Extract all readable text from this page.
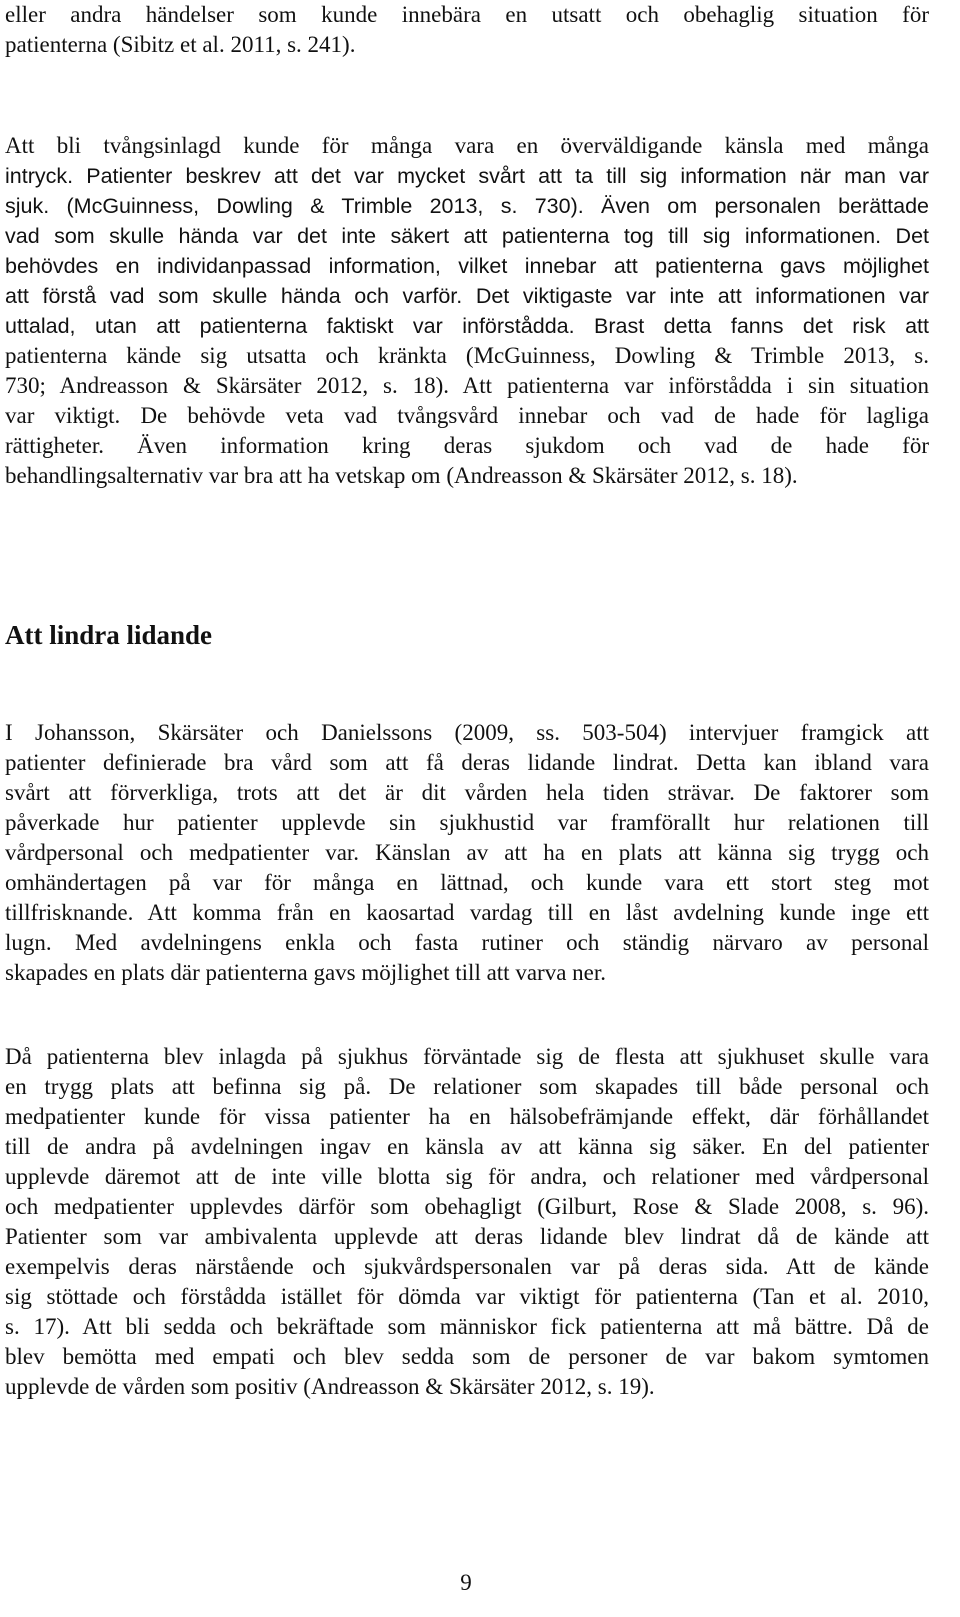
eller andra händelser som kunde innebära en utsatt och obehaglig situation för
patienterna (Sibitz et al. 2011, s. 241).
Att bli tvångsinlagd kunde för många vara en överväldigande känsla med många
intryck. Patienter beskrev att det var mycket svårt att ta till sig information när man var
sjuk. (McGuinness, Dowling & Trimble 2013, s. 730). Även om personalen berättade
vad som skulle hända var det inte säkert att patienterna tog till sig informationen. Det
behövdes en individanpassad information, vilket innebar att patienterna gavs möjlighet
att förstå vad som skulle hända och varför. Det viktigaste var inte att informationen var
uttalad, utan att patienterna faktiskt var införstådda. Brast detta fanns det risk att
patienterna kände sig utsatta och kränkta (McGuinness, Dowling & Trimble 2013, s.
730; Andreasson & Skärsäter 2012, s. 18). Att patienterna var införstådda i sin situation
var viktigt. De behövde veta vad tvångsvård innebar och vad de hade för lagliga
rättigheter. Även information kring deras sjukdom och vad de hade för
behandlingsalternativ var bra att ha vetskap om (Andreasson & Skärsäter 2012, s. 18).
Att lindra lidande
I Johansson, Skärsäter och Danielssons (2009, ss. 503-504) intervjuer framgick att
patienter definierade bra vård som att få deras lidande lindrat. Detta kan ibland vara
svårt att förverkliga, trots att det är dit vården hela tiden strävar. De faktorer som
påverkade hur patienter upplevde sin sjukhustid var framförallt hur relationen till
vårdpersonal och medpatienter var. Känslan av att ha en plats att känna sig trygg och
omhändertagen på var för många en lättnad, och kunde vara ett stort steg mot
tillfrisknande. Att komma från en kaosartad vardag till en låst avdelning kunde inge ett
lugn. Med avdelningens enkla och fasta rutiner och ständig närvaro av personal
skapades en plats där patienterna gavs möjlighet till att varva ner.
Då patienterna blev inlagda på sjukhus förväntade sig de flesta att sjukhuset skulle vara
en trygg plats att befinna sig på. De relationer som skapades till både personal och
medpatienter kunde för vissa patienter ha en hälsobefrämjande effekt, där förhållandet
till de andra på avdelningen ingav en känsla av att känna sig säker. En del patienter
upplevde däremot att de inte ville blotta sig för andra, och relationer med vårdpersonal
och medpatienter upplevdes därför som obehagligt (Gilburt, Rose & Slade 2008, s. 96).
Patienter som var ambivalenta upplevde att deras lidande blev lindrat då de kände att
exempelvis deras närstående och sjukvårdspersonalen var på deras sida. Att de kände
sig stöttade och förstådda istället för dömda var viktigt för patienterna (Tan et al. 2010,
s. 17). Att bli sedda och bekräftade som människor fick patienterna att må bättre. Då de
blev bemötta med empati och blev sedda som de personer de var bakom symtomen
upplevde de vården som positiv (Andreasson & Skärsäter 2012, s. 19).
9
